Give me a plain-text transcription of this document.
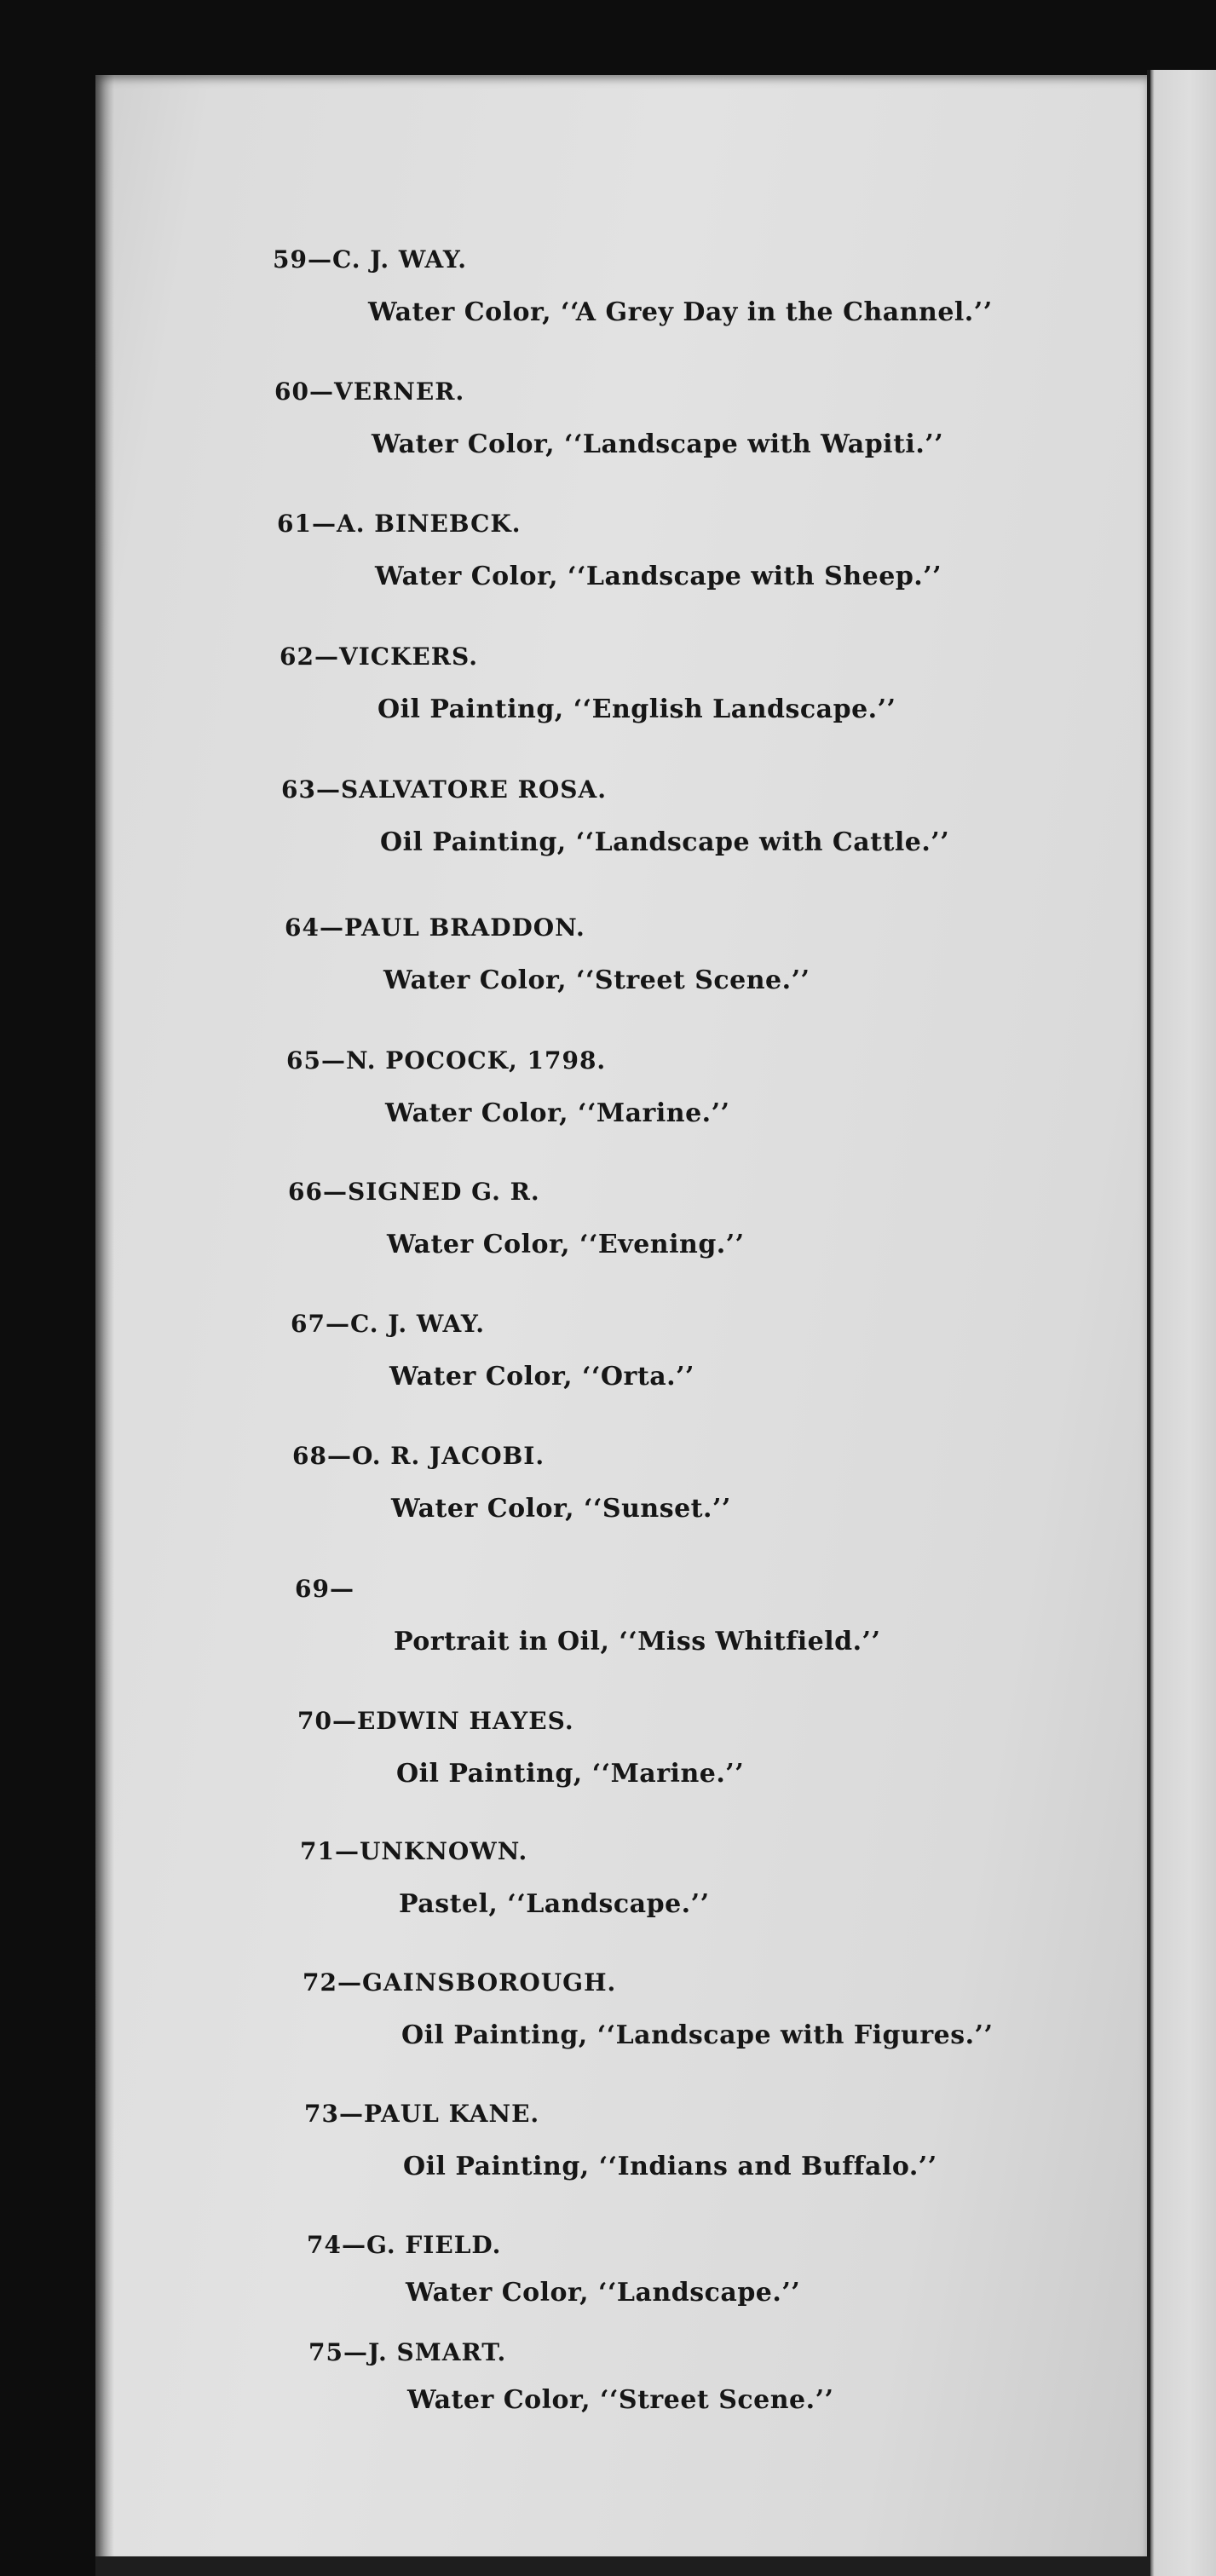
59—C. J. WAY.
Water Color, ‘‘A Grey Day in the Channel.’’
60—VERNER.
Water Color, ‘‘Landscape with Wapiti.’’
61—A. BINEBCK.
Water Color, ‘‘Landscape with Sheep.’’
62—VICKERS.
Oil Painting, ‘‘English Landscape.’’
63—SALVATORE ROSA.
Oil Painting, ‘‘Landscape with Cattle.’’
64—PAUL BRADDON.
Water Color, ‘‘Street Scene.’’
65—N. POCOCK, 1798.
Water Color, ‘‘Marine.’’
66—SIGNED G. R.
Water Color, ‘‘Evening.’’
67—C. J. WAY.
Water Color, ‘‘Orta.’’
68—O. R. JACOBI.
Water Color, ‘‘Sunset.’’
69—
Portrait in Oil, ‘‘Miss Whitfield.’’
70—EDWIN HAYES.
Oil Painting, ‘‘Marine.’’
71—UNKNOWN.
Pastel, ‘‘Landscape.’’
72—GAINSBOROUGH.
Oil Painting, ‘‘Landscape with Figures.’’
73—PAUL KANE.
Oil Painting, ‘‘Indians and Buffalo.’’
74—G. FIELD.
Water Color, ‘‘Landscape.’’
75—J. SMART.
Water Color, ‘‘Street Scene.’’
